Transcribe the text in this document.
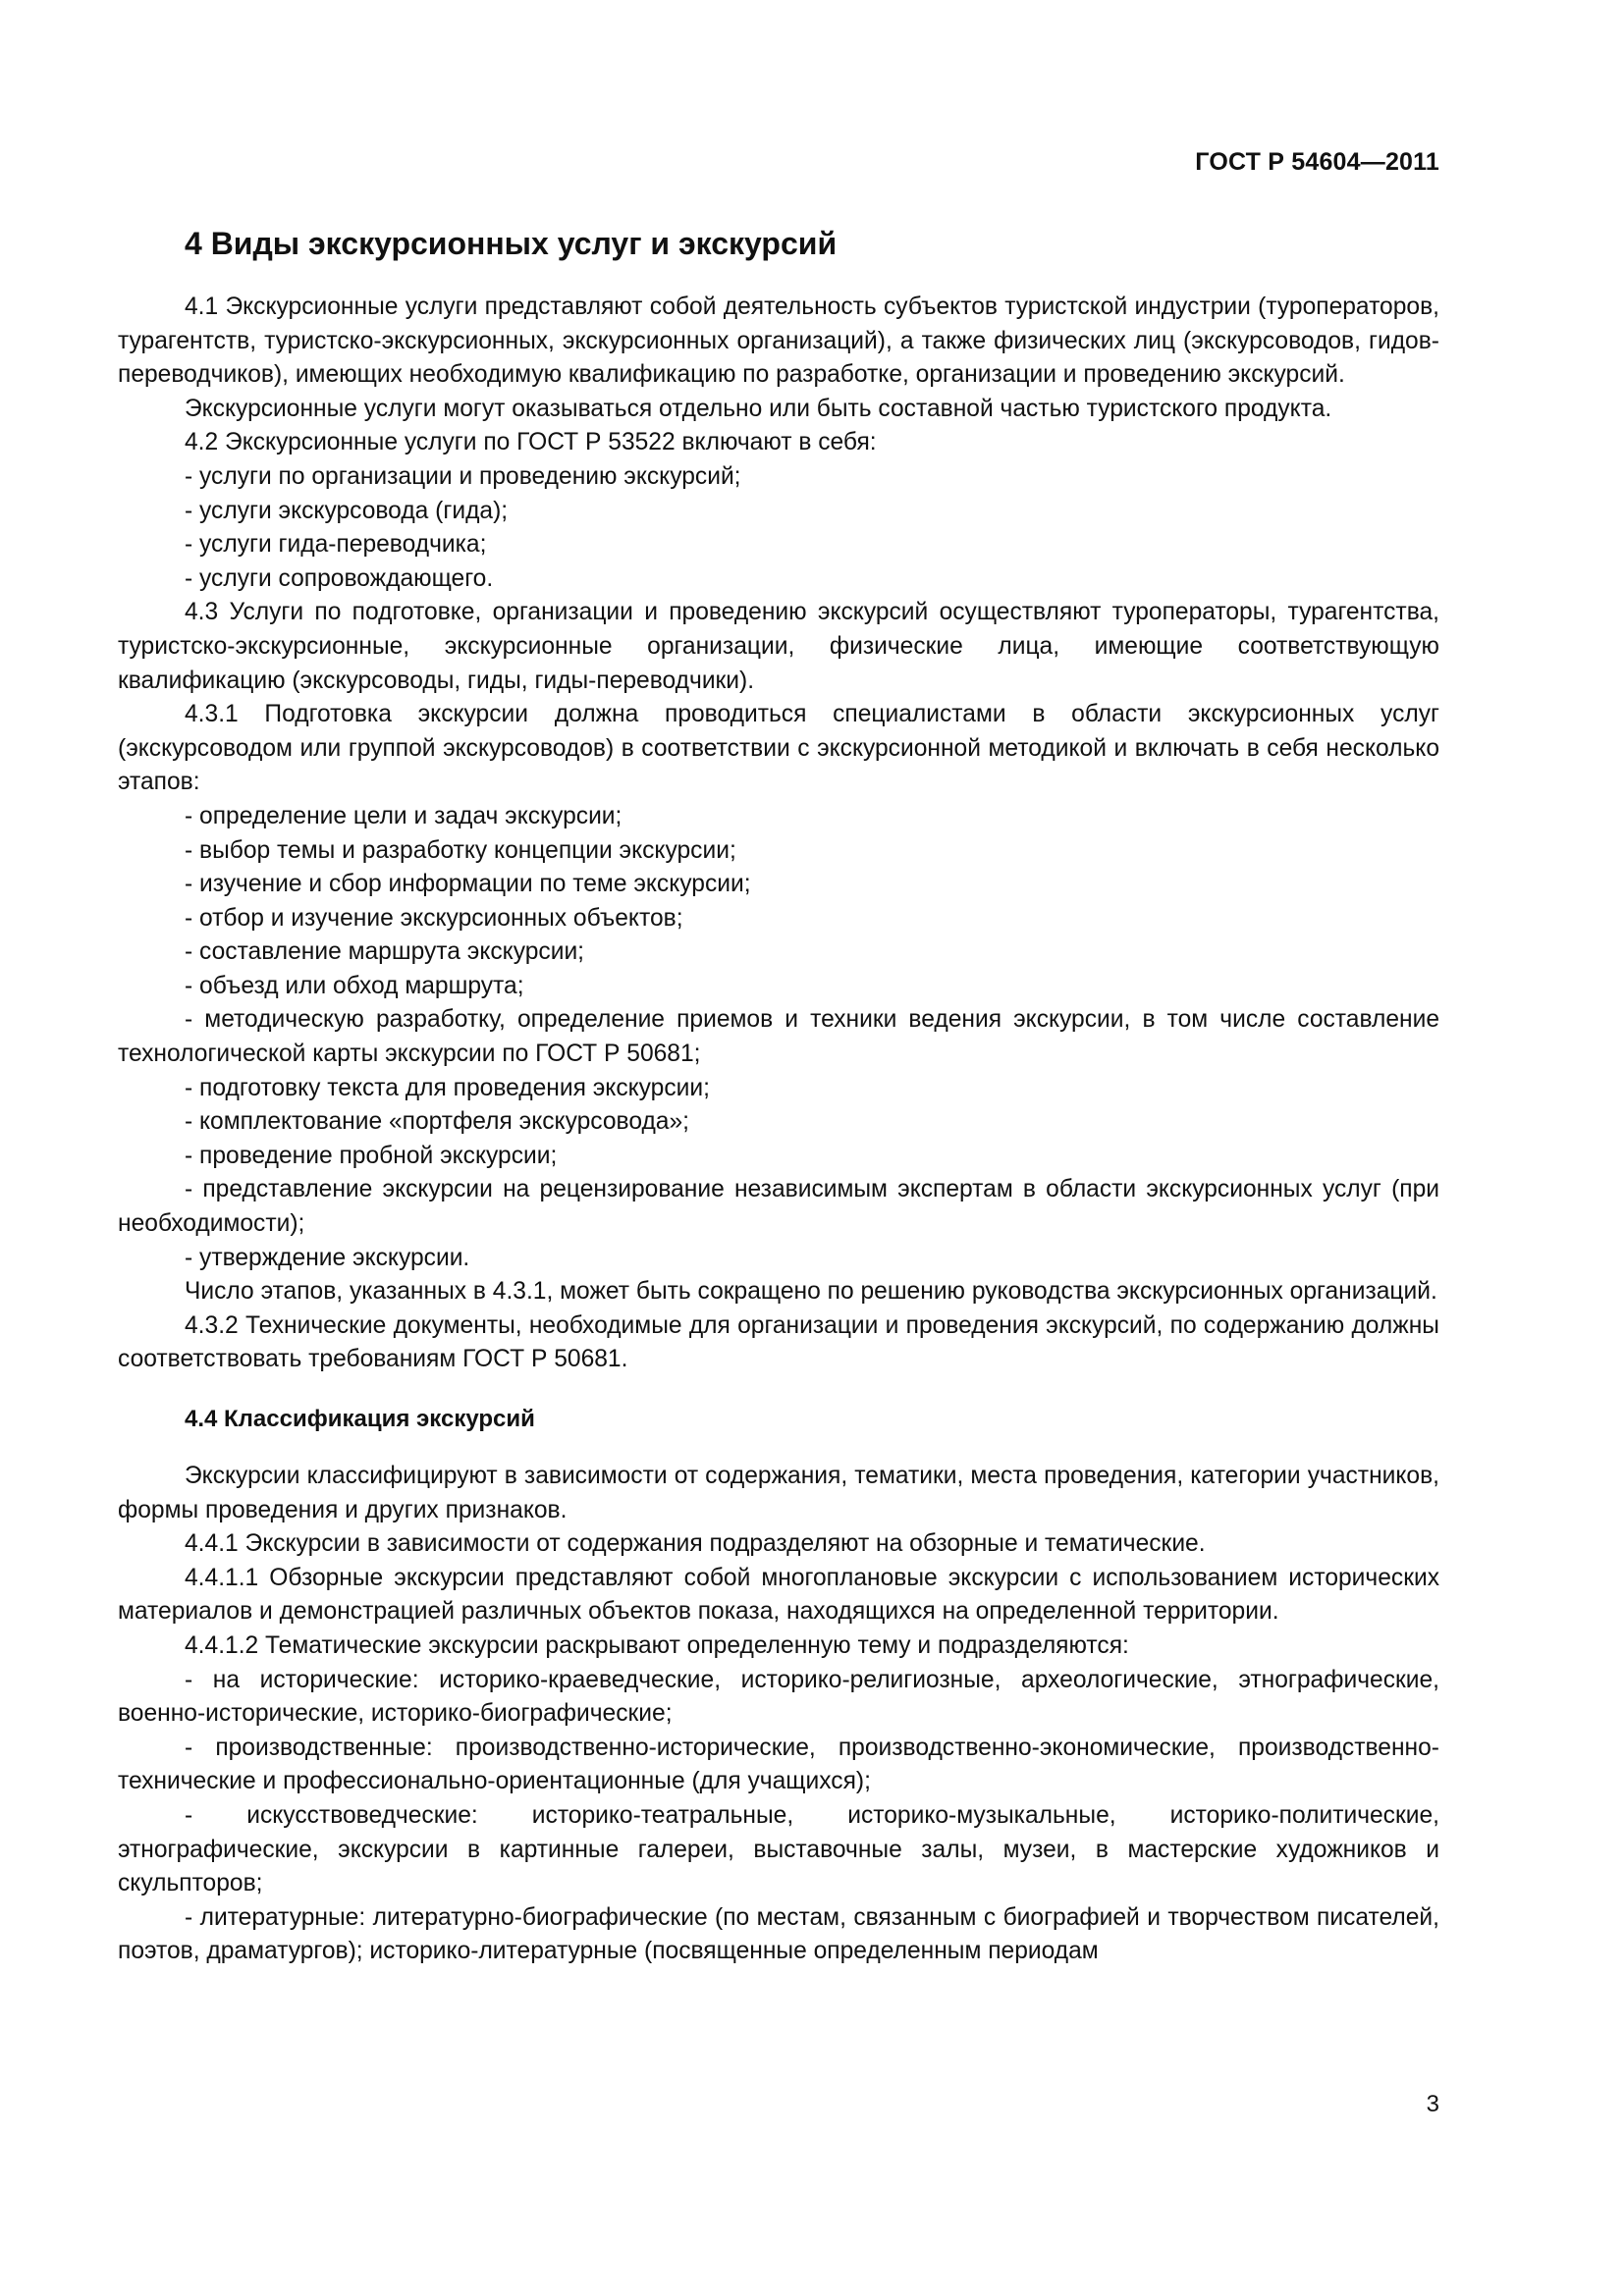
ГОСТ Р 54604—2011
4 Виды экскурсионных услуг и экскурсий

4.1 Экскурсионные услуги представляют собой деятельность субъектов туристской индустрии (туроператоров, турагентств, туристско-экскурсионных, экскурсионных организаций), а также физических лиц (экскурсоводов, гидов-переводчиков), имеющих необходимую квалификацию по разработке, организации и проведению экскурсий.

Экскурсионные услуги могут оказываться отдельно или быть составной частью туристского продукта.

4.2 Экскурсионные услуги по ГОСТ Р 53522 включают в себя:

- услуги по организации и проведению экскурсий;

- услуги экскурсовода (гида);

- услуги гида-переводчика;

- услуги сопровождающего.

4.3 Услуги по подготовке, организации и проведению экскурсий осуществляют туроператоры, турагентства, туристско-экскурсионные, экскурсионные организации, физические лица, имеющие соответствующую квалификацию (экскурсоводы, гиды, гиды-переводчики).

4.3.1 Подготовка экскурсии должна проводиться специалистами в области экскурсионных услуг (экскурсоводом или группой экскурсоводов) в соответствии с экскурсионной методикой и включать в себя несколько этапов:

- определение цели и задач экскурсии;

- выбор темы и разработку концепции экскурсии;

- изучение и сбор информации по теме экскурсии;

- отбор и изучение экскурсионных объектов;

- составление маршрута экскурсии;

- объезд или обход маршрута;

- методическую разработку, определение приемов и техники ведения экскурсии, в том числе составление технологической карты экскурсии по ГОСТ Р 50681;

- подготовку текста для проведения экскурсии;

- комплектование «портфеля экскурсовода»;

- проведение пробной экскурсии;

- представление экскурсии на рецензирование независимым экспертам в области экскурсионных услуг (при необходимости);

- утверждение экскурсии.

Число этапов, указанных в 4.3.1, может быть сокращено по решению руководства экскурсионных организаций.

4.3.2 Технические документы, необходимые для организации и проведения экскурсий, по содержанию должны соответствовать требованиям ГОСТ Р 50681.

4.4 Классификация экскурсий

Экскурсии классифицируют в зависимости от содержания, тематики, места проведения, категории участников, формы проведения и других признаков.

4.4.1 Экскурсии в зависимости от содержания подразделяют на обзорные и тематические.

4.4.1.1 Обзорные экскурсии представляют собой многоплановые экскурсии с использованием исторических материалов и демонстрацией различных объектов показа, находящихся на определенной территории.

4.4.1.2 Тематические экскурсии раскрывают определенную тему и подразделяются:

- на исторические: историко-краеведческие, историко-религиозные, археологические, этнографические, военно-исторические, историко-биографические;

- производственные: производственно-исторические, производственно-экономические, производственно-технические и профессионально-ориентационные (для учащихся);

- искусствоведческие: историко-театральные, историко-музыкальные, историко-политические, этнографические, экскурсии в картинные галереи, выставочные залы, музеи, в мастерские художников и скульпторов;

- литературные: литературно-биографические (по местам, связанным с биографией и творчеством писателей, поэтов, драматургов); историко-литературные (посвященные определенным периодам

3
